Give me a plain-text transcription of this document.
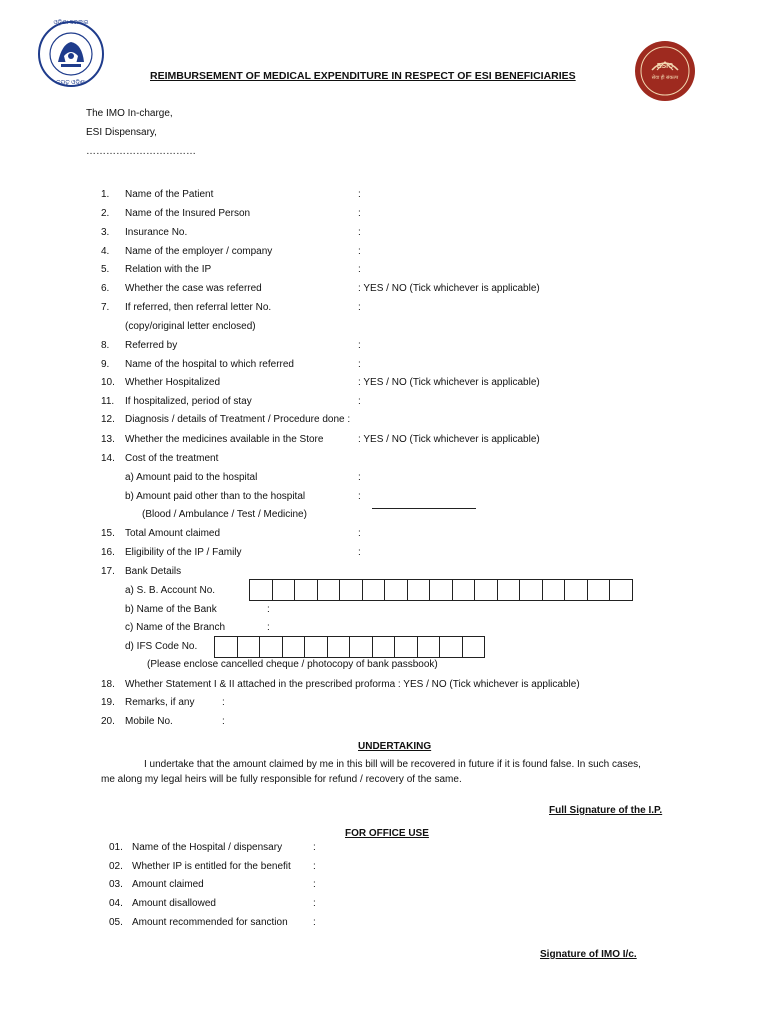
ଓଡ଼ିଶା ସରକାର
ଜୟତୁ ଓଡ଼ିଶା
ESIC
सेवा ही संकल्प
REIMBURSEMENT OF MEDICAL EXPENDITURE IN RESPECT OF ESI BENEFICIARIES
The IMO In-charge,
ESI Dispensary,
……………………………
1. Name of the Patient	:
2. Name of the Insured Person	:
3. Insurance No.	:
4. Name of the employer / company	:
5. Relation with the IP	:
6. Whether the case was referred	: YES / NO (Tick whichever is applicable)
7. If referred, then referral letter No.	:
(copy/original letter enclosed)
8. Referred by	:
9. Name of the hospital to which referred	:
10. Whether Hospitalized	: YES / NO (Tick whichever is applicable)
11. If hospitalized, period of stay	:
12. Diagnosis / details of Treatment / Procedure done :
13. Whether the medicines available in the Store	: YES / NO (Tick whichever is applicable)
14. Cost of the treatment
a) Amount paid to the hospital	:
b) Amount paid other than to the hospital	:
(Blood / Ambulance / Test / Medicine)
15. Total Amount claimed	:
16. Eligibility of the IP / Family	:
17. Bank Details
a) S. B. Account No.
b) Name of the Bank	:
c) Name of the Branch	:
d) IFS Code No.
(Please enclose cancelled cheque / photocopy of bank passbook)
18. Whether Statement I & II attached in the prescribed proforma : YES / NO (Tick whichever is applicable)
19. Remarks, if any	:
20. Mobile No.	:
UNDERTAKING
I undertake that the amount claimed by me in this bill will be recovered in future if it is found false. In such cases,
me along my legal heirs will be fully responsible for refund / recovery of the same.
Full Signature of the I.P.
FOR OFFICE USE
01. Name of the Hospital / dispensary	:
02. Whether IP is entitled for the benefit :
03. Amount claimed	:
04. Amount disallowed	:
05. Amount recommended for sanction	:
Signature of IMO I/c.
